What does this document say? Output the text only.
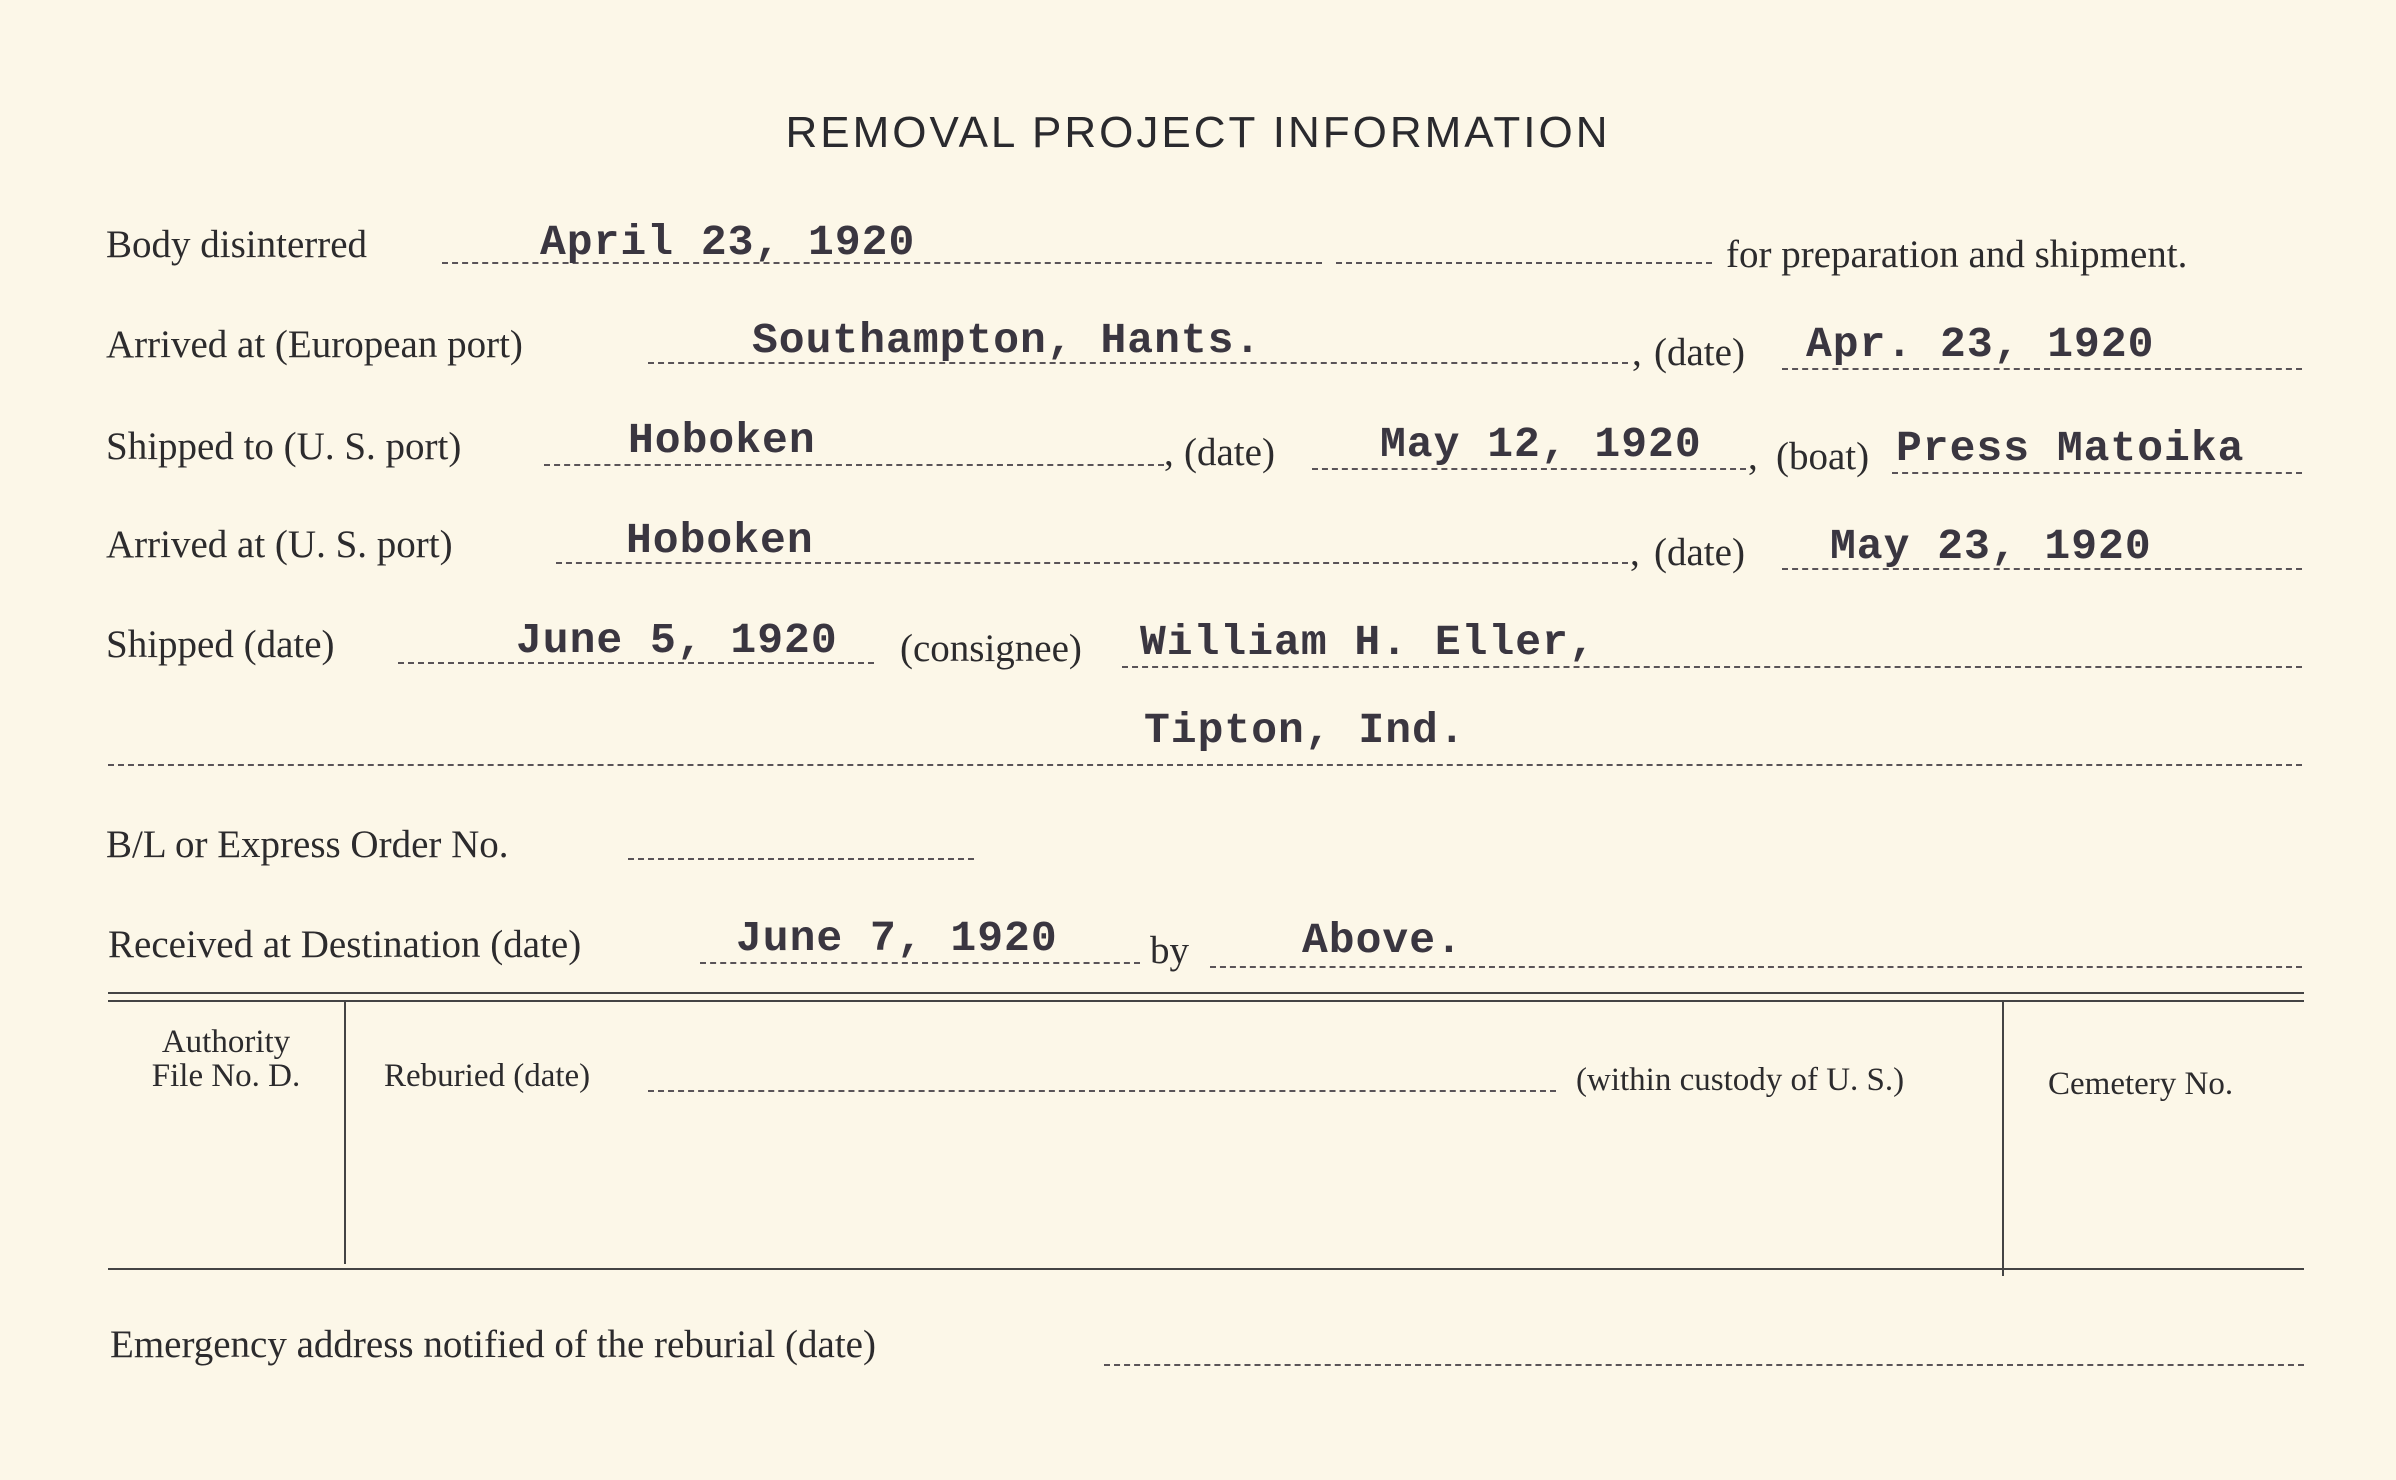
REMOVAL PROJECT INFORMATION
Body disinterred	April 23, 1920	for preparation and shipment.
Arrived at (European port)	Southampton, Hants.	, (date) Apr. 23, 1920
Shipped to (U. S. port)	Hoboken	, (date) May 12, 1920 , (boat) Press Matoika
Arrived at (U. S. port)	Hoboken	, (date) May 23, 1920
Shipped (date)	June 5, 1920 (consignee) William H. Eller,
Tipton, Ind.
B/L or Express Order No.
Received at Destination (date)	June 7, 1920 by	Above.
Authority
File No. D.	Reburied (date)	(within custody of U. S.)	Cemetery No.
Emergency address notified of the reburial (date)
